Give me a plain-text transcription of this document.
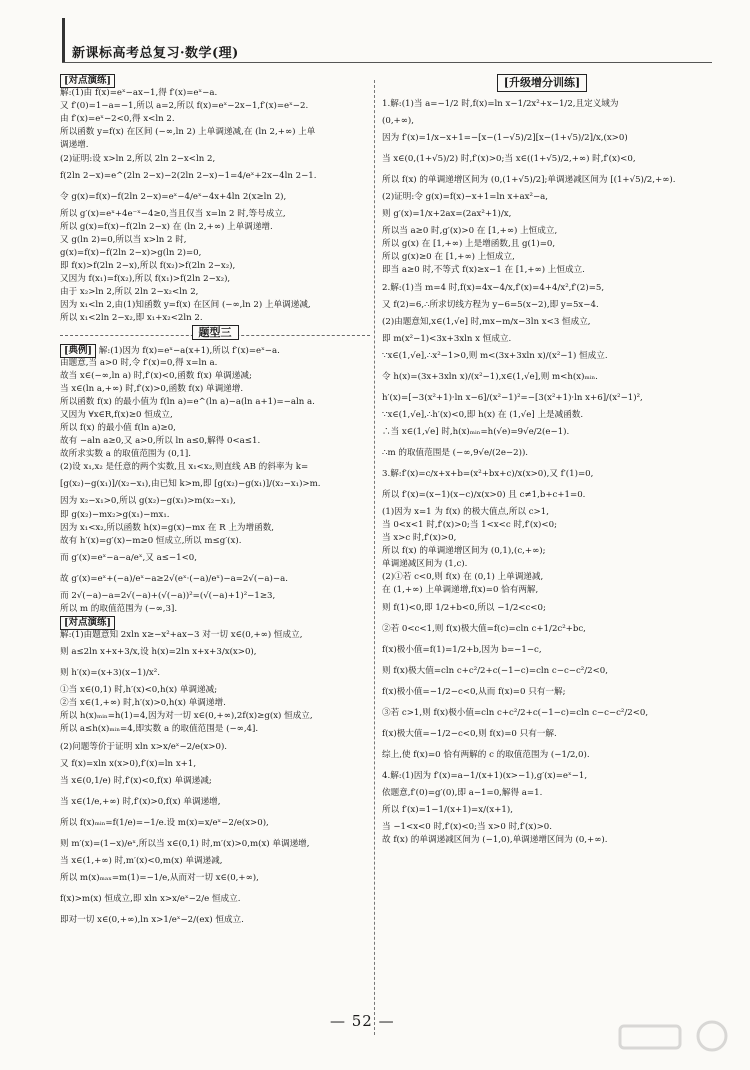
新课标高考总复习·数学(理)
[对点演练]
解:(1)由 f(x)=eˣ−ax−1,得 f′(x)=eˣ−a.
又 f′(0)=1−a=−1,所以 a=2,所以 f(x)=eˣ−2x−1,f′(x)=eˣ−2.
由 f′(x)=eˣ−2<0,得 x<ln 2.
所以函数 y=f(x) 在区间 (−∞,ln 2) 上单调递减,在 (ln 2,+∞) 上单
调递增.
(2)证明:设 x>ln 2,所以 2ln 2−x<ln 2,
f(2ln 2−x)=e^(2ln 2−x)−2(2ln 2−x)−1=4/eˣ+2x−4ln 2−1.
令 g(x)=f(x)−f(2ln 2−x)=eˣ−4/eˣ−4x+4ln 2(x≥ln 2),
所以 g′(x)=eˣ+4e⁻ˣ−4≥0,当且仅当 x=ln 2 时,等号成立,
所以 g(x)=f(x)−f(2ln 2−x) 在 (ln 2,+∞) 上单调递增.
又 g(ln 2)=0,所以当 x>ln 2 时,
g(x)=f(x)−f(2ln 2−x)>g(ln 2)=0,
即 f(x)>f(2ln 2−x),所以 f(x₂)>f(2ln 2−x₂),
又因为 f(x₁)=f(x₂),所以 f(x₁)>f(2ln 2−x₂),
由于 x₂>ln 2,所以 2ln 2−x₂<ln 2,
因为 x₁<ln 2,由(1)知函数 y=f(x) 在区间 (−∞,ln 2) 上单调递减,
所以 x₁<2ln 2−x₂,即 x₁+x₂<2ln 2.
题型三
[典例] 解:(1)因为 f(x)=eˣ−a(x+1),所以 f′(x)=eˣ−a.
由题意,当 a>0 时,令 f′(x)=0,得 x=ln a.
故当 x∈(−∞,ln a) 时,f′(x)<0,函数 f(x) 单调递减;
当 x∈(ln a,+∞) 时,f′(x)>0,函数 f(x) 单调递增.
所以函数 f(x) 的最小值为 f(ln a)=e^(ln a)−a(ln a+1)=−aln a.
又因为 ∀x∈R,f(x)≥0 恒成立,
所以 f(x) 的最小值 f(ln a)≥0,
故有 −aln a≥0,又 a>0,所以 ln a≤0,解得 0<a≤1.
故所求实数 a 的取值范围为 (0,1].
(2)设 x₁,x₂ 是任意的两个实数,且 x₁<x₂,则直线 AB 的斜率为 k=
[g(x₂)−g(x₁)]/(x₂−x₁),由已知 k>m,即 [g(x₂)−g(x₁)]/(x₂−x₁)>m.
因为 x₂−x₁>0,所以 g(x₂)−g(x₁)>m(x₂−x₁),
即 g(x₂)−mx₂>g(x₁)−mx₁.
因为 x₁<x₂,所以函数 h(x)=g(x)−mx 在 R 上为增函数,
故有 h′(x)=g′(x)−m≥0 恒成立,所以 m≤g′(x).
而 g′(x)=eˣ−a−a/eˣ,又 a≤−1<0,
故 g′(x)=eˣ+(−a)/eˣ−a≥2√(eˣ·(−a)/eˣ)−a=2√(−a)−a.
而 2√(−a)−a=2√(−a)+(√(−a))²=(√(−a)+1)²−1≥3,
所以 m 的取值范围为 (−∞,3].
[对点演练]
解:(1)由题意知 2xln x≥−x²+ax−3 对一切 x∈(0,+∞) 恒成立,
则 a≤2ln x+x+3/x,设 h(x)=2ln x+x+3/x(x>0),
则 h′(x)=(x+3)(x−1)/x².
①当 x∈(0,1) 时,h′(x)<0,h(x) 单调递减;
②当 x∈(1,+∞) 时,h′(x)>0,h(x) 单调递增.
所以 h(x)ₘᵢₙ=h(1)=4,因为对一切 x∈(0,+∞),2f(x)≥g(x) 恒成立,
所以 a≤h(x)ₘᵢₙ=4,即实数 a 的取值范围是 (−∞,4].
(2)问题等价于证明 xln x>x/eˣ−2/e(x>0).
又 f(x)=xln x(x>0),f′(x)=ln x+1,
当 x∈(0,1/e) 时,f′(x)<0,f(x) 单调递减;
当 x∈(1/e,+∞) 时,f′(x)>0,f(x) 单调递增,
所以 f(x)ₘᵢₙ=f(1/e)=−1/e.设 m(x)=x/eˣ−2/e(x>0),
则 m′(x)=(1−x)/eˣ,所以当 x∈(0,1) 时,m′(x)>0,m(x) 单调递增,
当 x∈(1,+∞) 时,m′(x)<0,m(x) 单调递减,
所以 m(x)ₘₐₓ=m(1)=−1/e,从而对一切 x∈(0,+∞),
f(x)>m(x) 恒成立,即 xln x>x/eˣ−2/e 恒成立.
即对一切 x∈(0,+∞),ln x>1/eˣ−2/(ex) 恒成立.
[升级增分训练]
1.解:(1)当 a=−1/2 时,f(x)=ln x−1/2x²+x−1/2,且定义域为
(0,+∞),
因为 f′(x)=1/x−x+1=−[x−(1−√5)/2][x−(1+√5)/2]/x,(x>0)
当 x∈(0,(1+√5)/2) 时,f′(x)>0;当 x∈((1+√5)/2,+∞) 时,f′(x)<0,
所以 f(x) 的单调递增区间为 (0,(1+√5)/2];单调递减区间为 [(1+√5)/2,+∞).
(2)证明:令 g(x)=f(x)−x+1=ln x+ax²−a,
则 g′(x)=1/x+2ax=(2ax²+1)/x,
所以当 a≥0 时,g′(x)>0 在 [1,+∞) 上恒成立,
所以 g(x) 在 [1,+∞) 上是增函数,且 g(1)=0,
所以 g(x)≥0 在 [1,+∞) 上恒成立,
即当 a≥0 时,不等式 f(x)≥x−1 在 [1,+∞) 上恒成立.
2.解:(1)当 m=4 时,f(x)=4x−4/x,f′(x)=4+4/x²,f′(2)=5,
又 f(2)=6,∴所求切线方程为 y−6=5(x−2),即 y=5x−4.
(2)由题意知,x∈(1,√e] 时,mx−m/x−3ln x<3 恒成立,
即 m(x²−1)<3x+3xln x 恒成立.
∵x∈(1,√e],∴x²−1>0,则 m<(3x+3xln x)/(x²−1) 恒成立.
令 h(x)=(3x+3xln x)/(x²−1),x∈(1,√e],则 m<h(x)ₘᵢₙ.
h′(x)=[−3(x²+1)·ln x−6]/(x²−1)²=−[3(x²+1)·ln x+6]/(x²−1)²,
∵x∈(1,√e],∴h′(x)<0,即 h(x) 在 (1,√e] 上是减函数.
∴当 x∈(1,√e] 时,h(x)ₘᵢₙ=h(√e)=9√e/2(e−1).
∴m 的取值范围是 (−∞,9√e/(2e−2)).
3.解:f′(x)=c/x+x+b=(x²+bx+c)/x(x>0),又 f′(1)=0,
所以 f′(x)=(x−1)(x−c)/x(x>0) 且 c≠1,b+c+1=0.
(1)因为 x=1 为 f(x) 的极大值点,所以 c>1,
当 0<x<1 时,f′(x)>0;当 1<x<c 时,f′(x)<0;
当 x>c 时,f′(x)>0,
所以 f(x) 的单调递增区间为 (0,1),(c,+∞);
单调递减区间为 (1,c).
(2)①若 c<0,则 f(x) 在 (0,1) 上单调递减,
在 (1,+∞) 上单调递增,f(x)=0 恰有两解,
则 f(1)<0,即 1/2+b<0,所以 −1/2<c<0;
②若 0<c<1,则 f(x)极大值=f(c)=cln c+1/2c²+bc,
f(x)极小值=f(1)=1/2+b,因为 b=−1−c,
则 f(x)极大值=cln c+c²/2+c(−1−c)=cln c−c−c²/2<0,
f(x)极小值=−1/2−c<0,从而 f(x)=0 只有一解;
③若 c>1,则 f(x)极小值=cln c+c²/2+c(−1−c)=cln c−c−c²/2<0,
f(x)极大值=−1/2−c<0,则 f(x)=0 只有一解.
综上,使 f(x)=0 恰有两解的 c 的取值范围为 (−1/2,0).
4.解:(1)因为 f′(x)=a−1/(x+1)(x>−1),g′(x)=eˣ−1,
依题意,f′(0)=g′(0),即 a−1=0,解得 a=1.
所以 f′(x)=1−1/(x+1)=x/(x+1),
当 −1<x<0 时,f′(x)<0;当 x>0 时,f′(x)>0.
故 f(x) 的单调递减区间为 (−1,0),单调递增区间为 (0,+∞).
— 52 —
